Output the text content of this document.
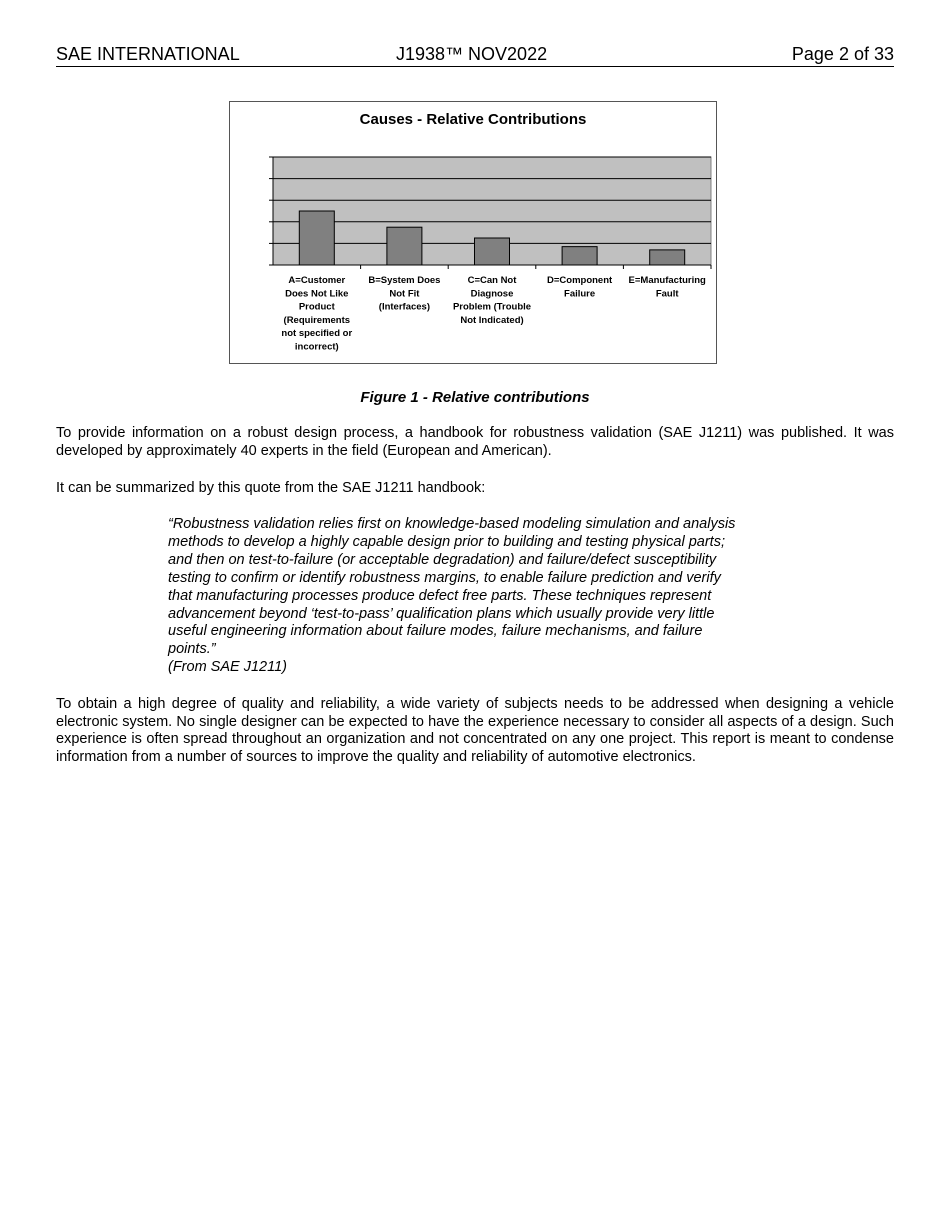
SAE INTERNATIONAL	J1938™ NOV2022	Page 2 of 33
A=Customer Does Not Like Product (Requirements not specified or incorrect)
B=System Does Not Fit (Interfaces)
C=Can Not Diagnose Problem (Trouble Not Indicated)
D=Component Failure
E=Manufacturing Fault
Causes - Relative Contributions
Figure 1 - Relative contributions

To provide information on a robust design process, a handbook for robustness validation (SAE J1211) was published. It was developed by approximately 40 experts in the field (European and American).

It can be summarized by this quote from the SAE J1211 handbook:

“Robustness validation relies first on knowledge-based modeling simulation and analysis
methods to develop a highly capable design prior to building and testing physical parts;
and then on test-to-failure (or acceptable degradation) and failure/defect susceptibility
testing to confirm or identify robustness margins, to enable failure prediction and verify
that manufacturing processes produce defect free parts. These techniques represent
advancement beyond ‘test-to-pass’ qualification plans which usually provide very little
useful engineering information about failure modes, failure mechanisms, and failure
points.”
(From SAE J1211)

To obtain a high degree of quality and reliability, a wide variety of subjects needs to be addressed when designing a vehicle electronic system. No single designer can be expected to have the experience necessary to consider all aspects of a design. Such experience is often spread throughout an organization and not concentrated on any one project. This report is meant to condense information from a number of sources to improve the quality and reliability of automotive electronics.
